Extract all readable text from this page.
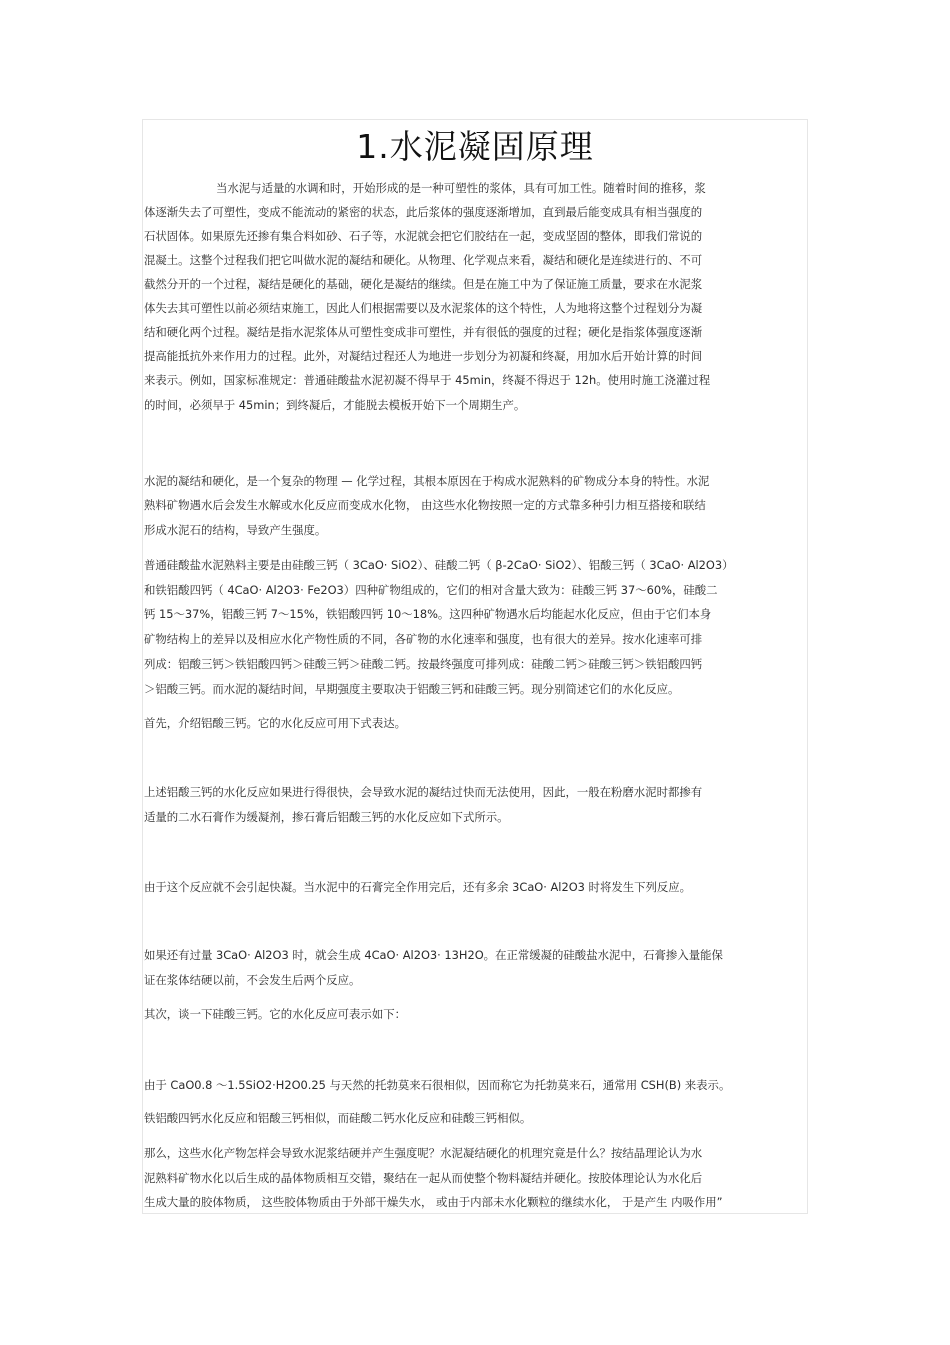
1.水泥凝固原理
当水泥与适量的水调和时，开始形成的是一种可塑性的浆体，具有可加工性。随着时间的推移，浆
体逐渐失去了可塑性，变成不能流动的紧密的状态，此后浆体的强度逐渐增加，直到最后能变成具有相当强度的
石状固体。如果原先还掺有集合料如砂、石子等，水泥就会把它们胶结在一起，变成坚固的整体，即我们常说的
混凝土。这整个过程我们把它叫做水泥的凝结和硬化。从物理、化学观点来看，凝结和硬化是连续进行的、不可
截然分开的一个过程，凝结是硬化的基础，硬化是凝结的继续。但是在施工中为了保证施工质量，要求在水泥浆
体失去其可塑性以前必须结束施工，因此人们根据需要以及水泥浆体的这个特性，人为地将这整个过程划分为凝
结和硬化两个过程。凝结是指水泥浆体从可塑性变成非可塑性，并有很低的强度的过程；硬化是指浆体强度逐渐
提高能抵抗外来作用力的过程。此外，对凝结过程还人为地进一步划分为初凝和终凝，用加水后开始计算的时间
来表示。例如，国家标准规定：普通硅酸盐水泥初凝不得早于 45min，终凝不得迟于 12h。使用时施工浇灌过程
的时间，必须早于 45min；到终凝后，才能脱去模板开始下一个周期生产。
水泥的凝结和硬化，是一个复杂的物理 — 化学过程，其根本原因在于构成水泥熟料的矿物成分本身的特性。水泥
熟料矿物遇水后会发生水解或水化反应而变成水化物， 由这些水化物按照一定的方式靠多种引力相互搭接和联结
形成水泥石的结构，导致产生强度。
普通硅酸盐水泥熟料主要是由硅酸三钙（ 3CaO· SiO2）、硅酸二钙（ β-2CaO· SiO2）、铝酸三钙（ 3CaO· Al2O3）
和铁铝酸四钙（ 4CaO· Al2O3· Fe2O3）四种矿物组成的，它们的相对含量大致为：硅酸三钙 37～60%，硅酸二
钙 15～37%，铝酸三钙 7～15%，铁铝酸四钙 10～18%。这四种矿物遇水后均能起水化反应，但由于它们本身
矿物结构上的差异以及相应水化产物性质的不同，各矿物的水化速率和强度，也有很大的差异。按水化速率可排
列成：铝酸三钙＞铁铝酸四钙＞硅酸三钙＞硅酸二钙。按最终强度可排列成：硅酸二钙＞硅酸三钙＞铁铝酸四钙
＞铝酸三钙。而水泥的凝结时间，早期强度主要取决于铝酸三钙和硅酸三钙。现分别简述它们的水化反应。
首先，介绍铝酸三钙。它的水化反应可用下式表达。
上述铝酸三钙的水化反应如果进行得很快，会导致水泥的凝结过快而无法使用，因此，一般在粉磨水泥时都掺有
适量的二水石膏作为缓凝剂，掺石膏后铝酸三钙的水化反应如下式所示。
由于这个反应就不会引起快凝。当水泥中的石膏完全作用完后，还有多余 3CaO· Al2O3 时将发生下列反应。
如果还有过量 3CaO· Al2O3 时，就会生成 4CaO· Al2O3· 13H2O。在正常缓凝的硅酸盐水泥中，石膏掺入量能保
证在浆体结硬以前，不会发生后两个反应。
其次，谈一下硅酸三钙。它的水化反应可表示如下：
由于 CaO0.8 ～1.5SiO2·H2O0.25 与天然的托勃莫来石很相似，因而称它为托勃莫来石，通常用 CSH(B) 来表示。
铁铝酸四钙水化反应和铝酸三钙相似，而硅酸二钙水化反应和硅酸三钙相似。
那么，这些水化产物怎样会导致水泥浆结硬并产生强度呢？水泥凝结硬化的机理究竟是什么？按结晶理论认为水
泥熟料矿物水化以后生成的晶体物质相互交错，聚结在一起从而使整个物料凝结并硬化。按胶体理论认为水化后
生成大量的胶体物质， 这些胶体物质由于外部干燥失水， 或由于内部未水化颗粒的继续水化， 于是产生 内吸作用”
